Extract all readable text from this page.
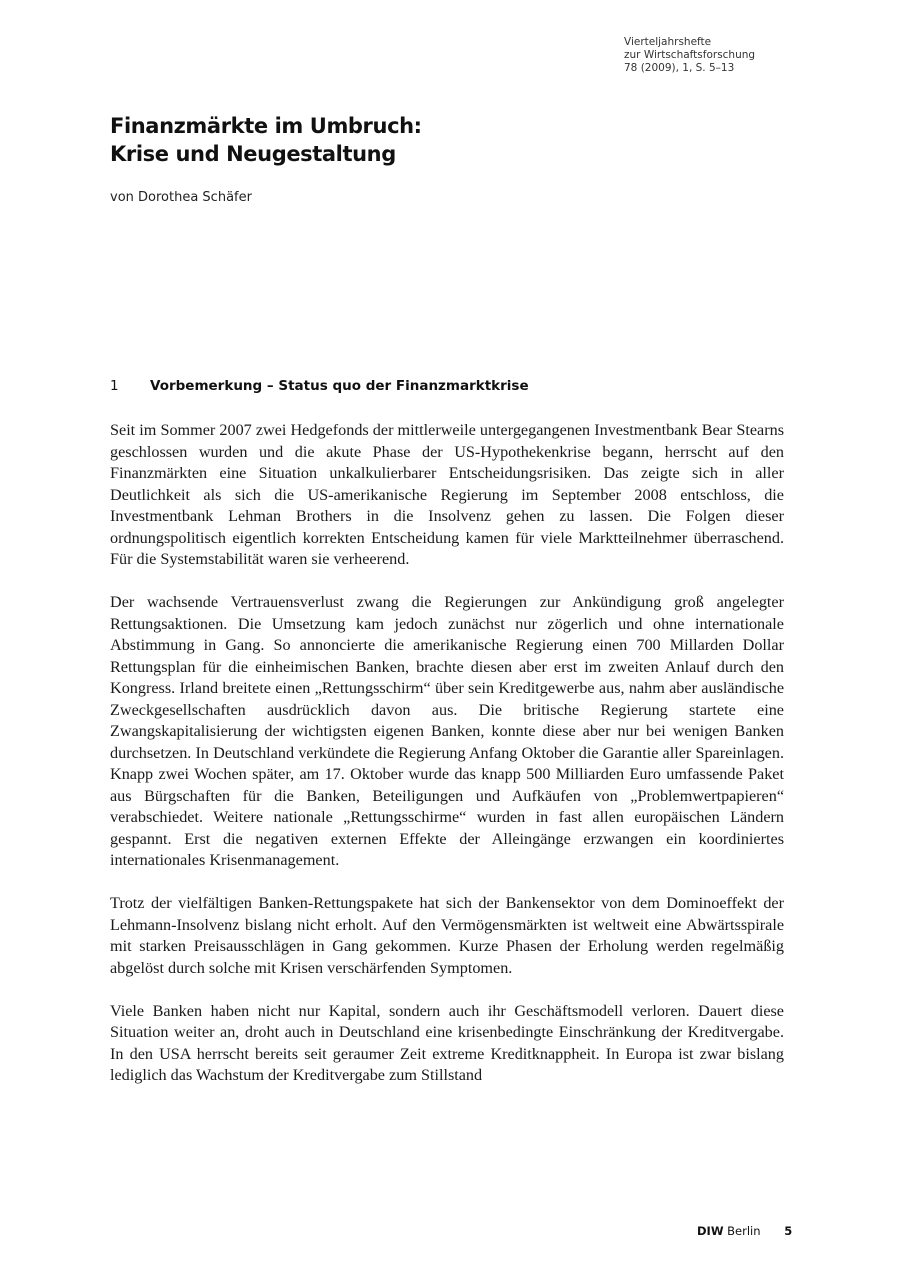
Vierteljahrshefte
zur Wirtschaftsforschung
78 (2009), 1, S. 5–13
Finanzmärkte im Umbruch:
Krise und Neugestaltung
von Dorothea Schäfer
1 Vorbemerkung – Status quo der Finanzmarktkrise

Seit im Sommer 2007 zwei Hedgefonds der mittlerweile untergegangenen Investmentbank Bear Stearns geschlossen wurden und die akute Phase der US-Hypothekenkrise begann, herrscht auf den Finanzmärkten eine Situation unkalkulierbarer Entscheidungsrisiken. Das zeigte sich in aller Deutlichkeit als sich die US-amerikanische Regierung im September 2008 entschloss, die Investmentbank Lehman Brothers in die Insolvenz gehen zu lassen. Die Folgen dieser ordnungspolitisch eigentlich korrekten Entscheidung kamen für viele Marktteilnehmer überraschend. Für die Systemstabilität waren sie verheerend.

Der wachsende Vertrauensverlust zwang die Regierungen zur Ankündigung groß angelegter Rettungsaktionen. Die Umsetzung kam jedoch zunächst nur zögerlich und ohne internationale Abstimmung in Gang. So annoncierte die amerikanische Regierung einen 700 Millarden Dollar Rettungsplan für die einheimischen Banken, brachte diesen aber erst im zweiten Anlauf durch den Kongress. Irland breitete einen „Rettungsschirm“ über sein Kreditgewerbe aus, nahm aber ausländische Zweckgesellschaften ausdrücklich davon aus. Die britische Regierung startete eine Zwangskapitalisierung der wichtigsten eigenen Banken, konnte diese aber nur bei wenigen Banken durchsetzen. In Deutschland verkündete die Regierung Anfang Oktober die Garantie aller Spareinlagen. Knapp zwei Wochen später, am 17. Oktober wurde das knapp 500 Milliarden Euro umfassende Paket aus Bürgschaften für die Banken, Beteiligungen und Aufkäufen von „Problemwertpapieren“ verabschiedet. Weitere nationale „Rettungsschirme“ wurden in fast allen europäischen Ländern gespannt. Erst die negativen externen Effekte der Alleingänge erzwangen ein koordiniertes internationales Krisenmanagement.

Trotz der vielfältigen Banken-Rettungspakete hat sich der Bankensektor von dem Dominoeffekt der Lehmann-Insolvenz bislang nicht erholt. Auf den Vermögensmärkten ist weltweit eine Abwärtsspirale mit starken Preisausschlägen in Gang gekommen. Kurze Phasen der Erholung werden regelmäßig abgelöst durch solche mit Krisen verschärfenden Symptomen.

Viele Banken haben nicht nur Kapital, sondern auch ihr Geschäftsmodell verloren. Dauert diese Situation weiter an, droht auch in Deutschland eine krisenbedingte Einschränkung der Kreditvergabe. In den USA herrscht bereits seit geraumer Zeit extreme Kreditknappheit. In Europa ist zwar bislang lediglich das Wachstum der Kreditvergabe zum Stillstand

DIW Berlin 5
